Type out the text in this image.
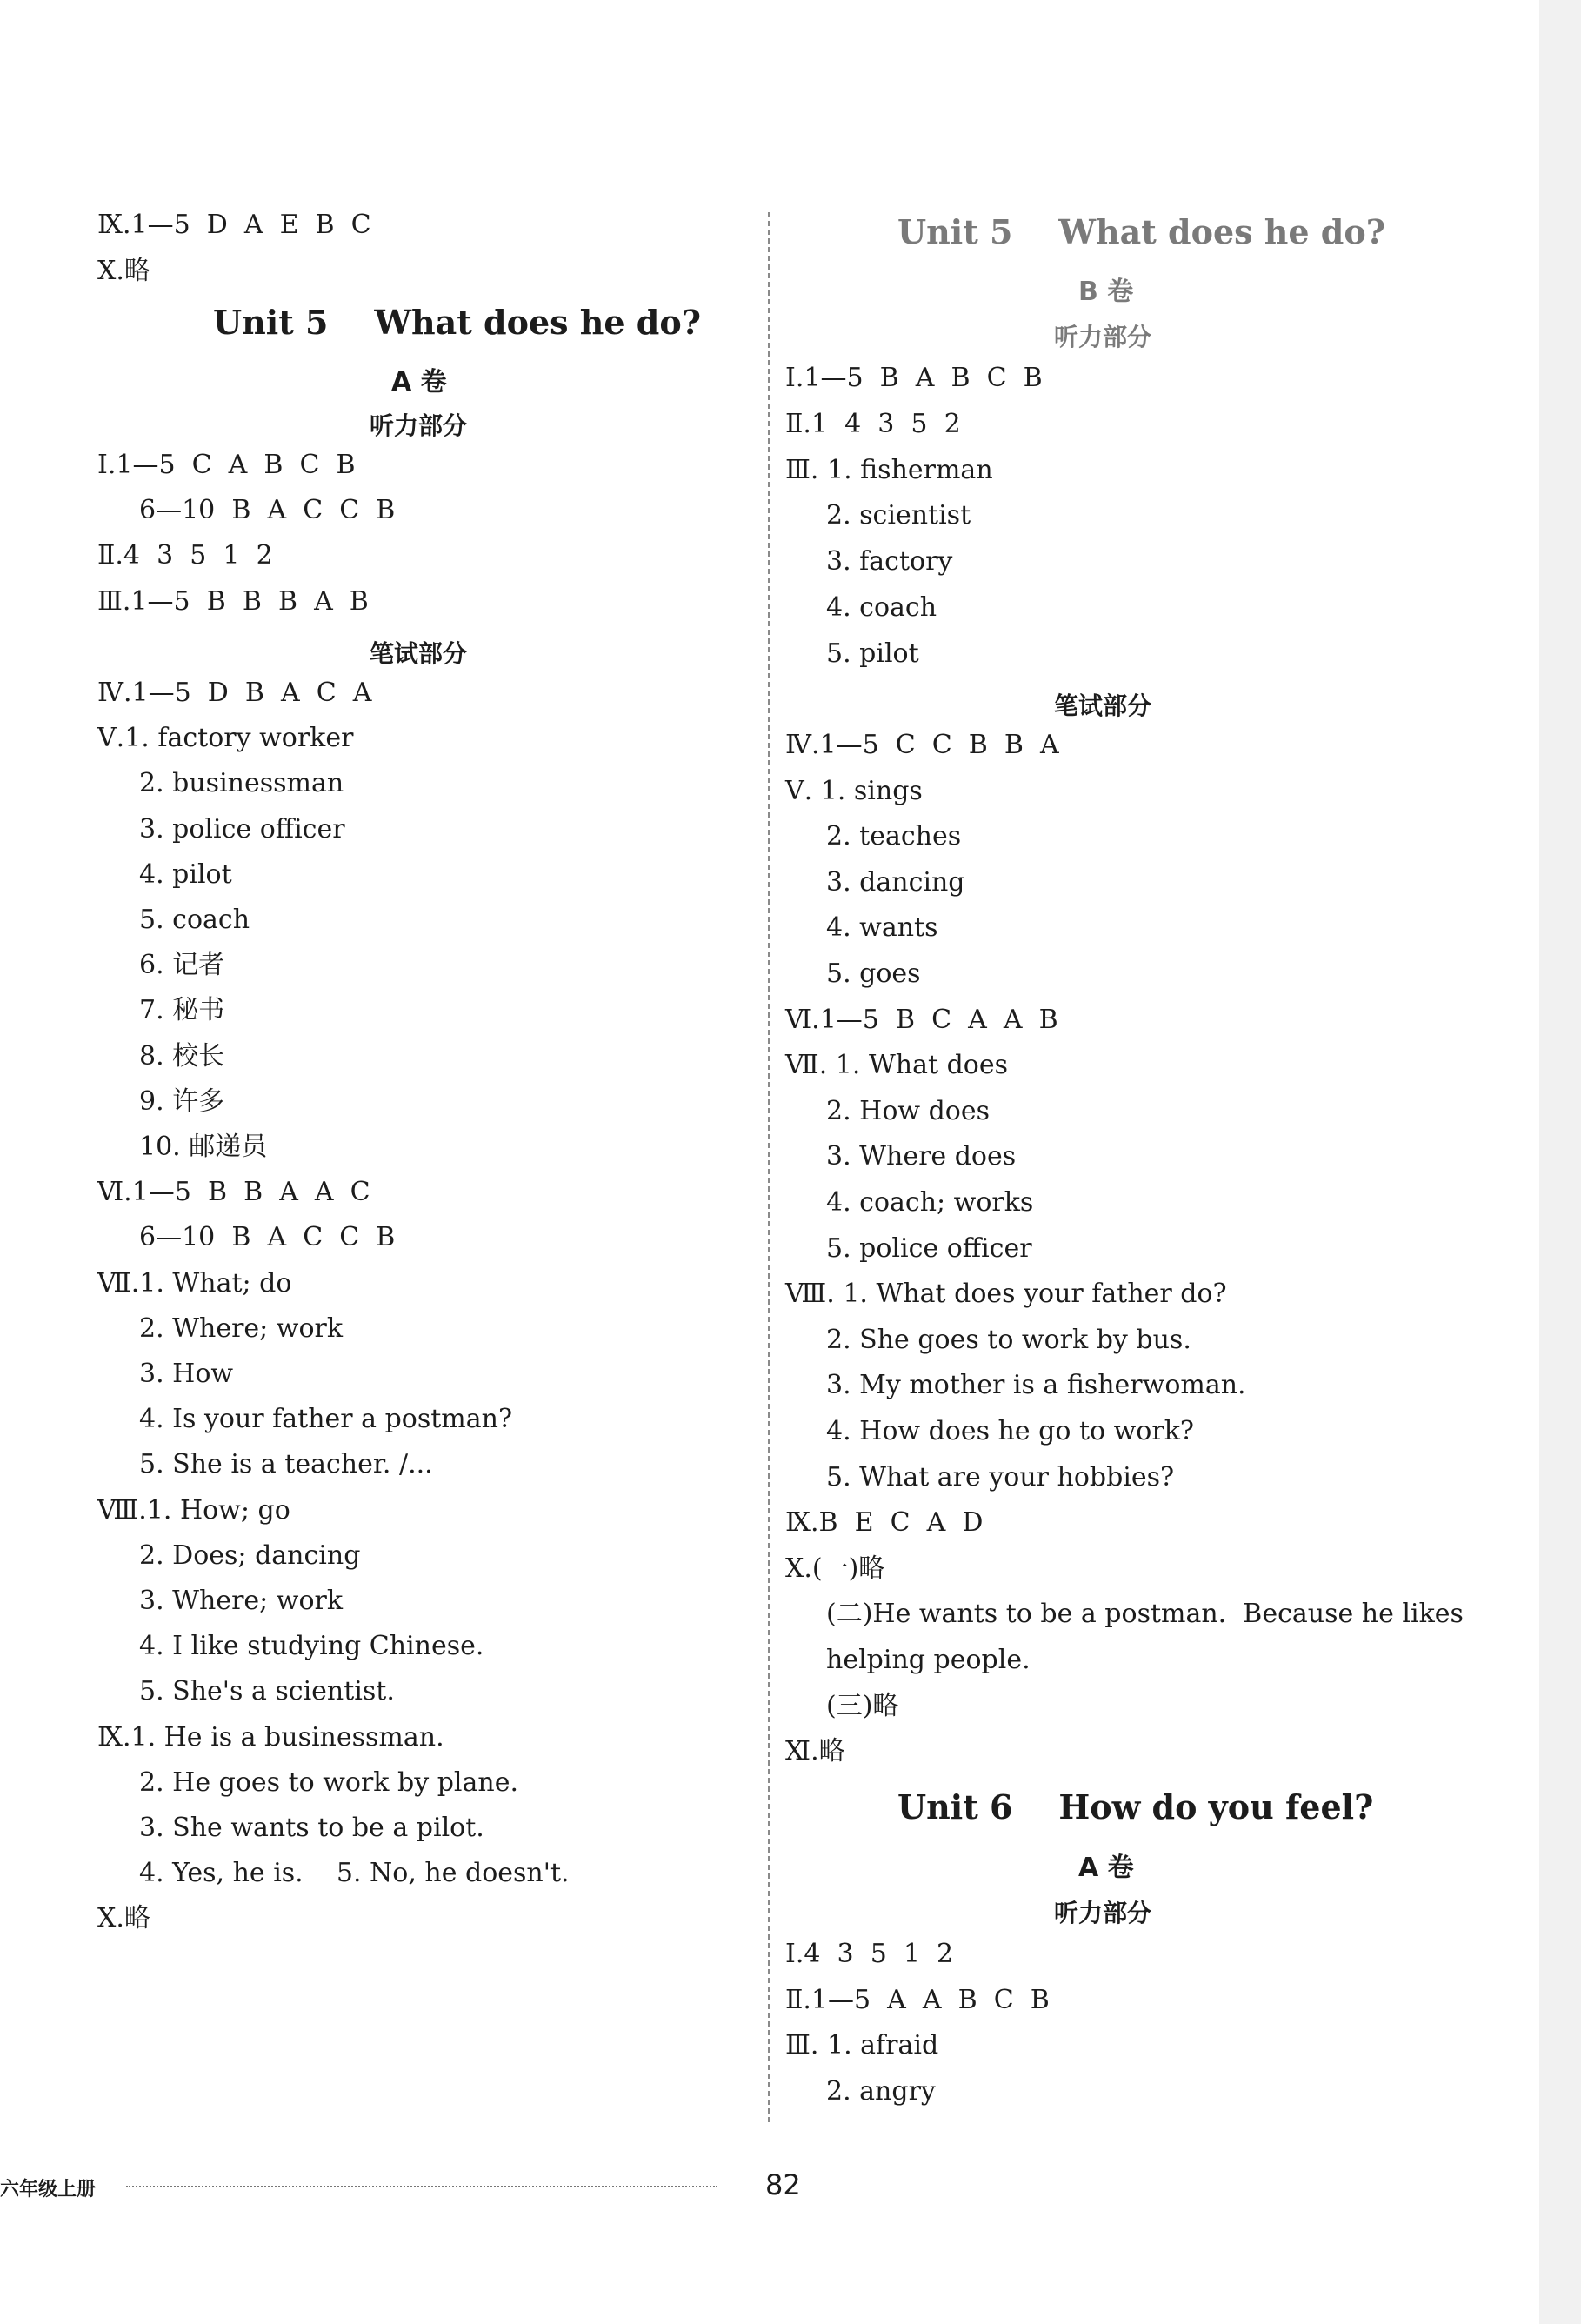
Ⅸ.1—5  D  A  E  B  C
Ⅹ.略
Unit 5    What does he do?
A 卷
听力部分
Ⅰ.1—5  C  A  B  C  B
6—10  B  A  C  C  B
Ⅱ.4  3  5  1  2
Ⅲ.1—5  B  B  B  A  B
笔试部分
Ⅳ.1—5  D  B  A  C  A
Ⅴ.1. factory worker
2. businessman
3. police officer
4. pilot
5. coach
6. 记者
7. 秘书
8. 校长
9. 许多
10. 邮递员
Ⅵ.1—5  B  B  A  A  C
6—10  B  A  C  C  B
Ⅶ.1. What; do
2. Where; work
3. How
4. Is your father a postman?
5. She is a teacher. /...
Ⅷ.1. How; go
2. Does; dancing
3. Where; work
4. I like studying Chinese.
5. She's a scientist.
Ⅸ.1. He is a businessman.
2. He goes to work by plane.
3. She wants to be a pilot.
4. Yes, he is.    5. No, he doesn't.
Ⅹ.略
Unit 5    What does he do?
B 卷
听力部分
Ⅰ.1—5  B  A  B  C  B
Ⅱ.1  4  3  5  2
Ⅲ. 1. fisherman
2. scientist
3. factory
4. coach
5. pilot
笔试部分
Ⅳ.1—5  C  C  B  B  A
Ⅴ. 1. sings
2. teaches
3. dancing
4. wants
5. goes
Ⅵ.1—5  B  C  A  A  B
Ⅶ. 1. What does
2. How does
3. Where does
4. coach; works
5. police officer
Ⅷ. 1. What does your father do?
2. She goes to work by bus.
3. My mother is a fisherwoman.
4. How does he go to work?
5. What are your hobbies?
Ⅸ.B  E  C  A  D
Ⅹ.(一)略
(二)He wants to be a postman.  Because he likes
helping people.
(三)略
Ⅺ.略
Unit 6    How do you feel?
A 卷
听力部分
Ⅰ.4  3  5  1  2
Ⅱ.1—5  A  A  B  C  B
Ⅲ. 1. afraid
2. angry
六年级上册	82
